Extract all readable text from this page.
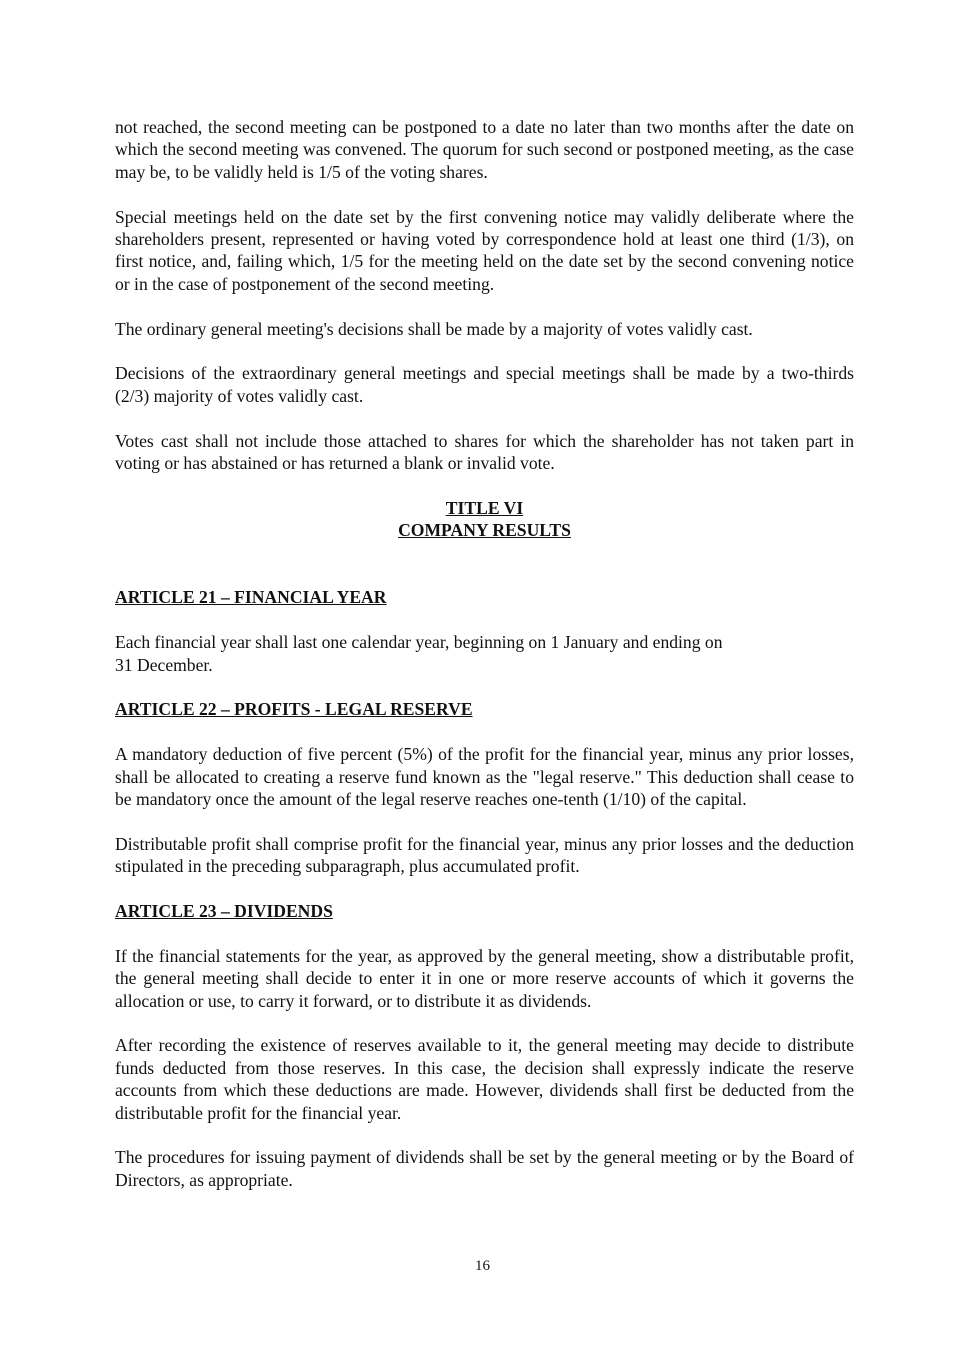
not reached, the second meeting can be postponed to a date no later than two months after the date on which the second meeting was convened. The quorum for such second or postponed meeting, as the case may be, to be validly held is 1/5 of the voting shares.

Special meetings held on the date set by the first convening notice may validly deliberate where the shareholders present, represented or having voted by correspondence hold at least one third (1/3), on first notice, and, failing which, 1/5 for the meeting held on the date set by the second convening notice or in the case of postponement of the second meeting.

The ordinary general meeting's decisions shall be made by a majority of votes validly cast.

Decisions of the extraordinary general meetings and special meetings shall be made by a two-thirds (2/3) majority of votes validly cast.

Votes cast shall not include those attached to shares for which the shareholder has not taken part in voting or has abstained or has returned a blank or invalid vote.

TITLE VI
COMPANY RESULTS
ARTICLE 21 – FINANCIAL YEAR

Each financial year shall last one calendar year, beginning on 1 January and ending on
31 December.

ARTICLE 22 – PROFITS - LEGAL RESERVE

A mandatory deduction of five percent (5%) of the profit for the financial year, minus any prior losses, shall be allocated to creating a reserve fund known as the "legal reserve." This deduction shall cease to be mandatory once the amount of the legal reserve reaches one-tenth (1/10) of the capital.

Distributable profit shall comprise profit for the financial year, minus any prior losses and the deduction stipulated in the preceding subparagraph, plus accumulated profit.

ARTICLE 23 – DIVIDENDS

If the financial statements for the year, as approved by the general meeting, show a distributable profit, the general meeting shall decide to enter it in one or more reserve accounts of which it governs the allocation or use, to carry it forward, or to distribute it as dividends.

After recording the existence of reserves available to it, the general meeting may decide to distribute funds deducted from those reserves. In this case, the decision shall expressly indicate the reserve accounts from which these deductions are made. However, dividends shall first be deducted from the distributable profit for the financial year.

The procedures for issuing payment of dividends shall be set by the general meeting or by the Board of Directors, as appropriate.

16
